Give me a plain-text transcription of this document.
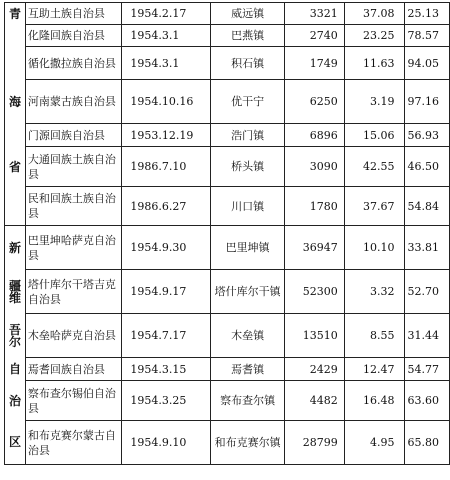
青	互助土族自治县	1954.2.17	威远镇	3321	37.08	25.13
	化隆回族自治县	1954.3.1	巴燕镇	2740	23.25	78.57
	循化撒拉族自治县	1954.3.1	积石镇	1749	11.63	94.05

海	河南蒙古族自治县	1954.10.16	优干宁	6250	3.19	97.16
	门源回族自治县	1953.12.19	浩门镇	6896	15.06	56.93

省	大通回族土族自治县	1986.7.10	桥头镇	3090	42.55	46.50
	民和回族土族自治县	1986.6.27	川口镇	1780	37.67	54.84

新	巴里坤哈萨克自治县	1954.9.30	巴里坤镇	36947	10.10	33.81

疆
维	塔什库尔干塔吉克自治县	1954.9.17	塔什库尔干镇	52300	3.32	52.70

吾
尔	木垒哈萨克自治县	1954.7.17	木垒镇	13510	8.55	31.44

自	焉耆回族自治县	1954.3.15	焉耆镇	2429	12.47	54.77

治	察布查尔锡伯自治县	1954.3.25	察布查尔镇	4482	16.48	63.60

区	和布克赛尔蒙古自治县	1954.9.10	和布克赛尔镇	28799	4.95	65.80
